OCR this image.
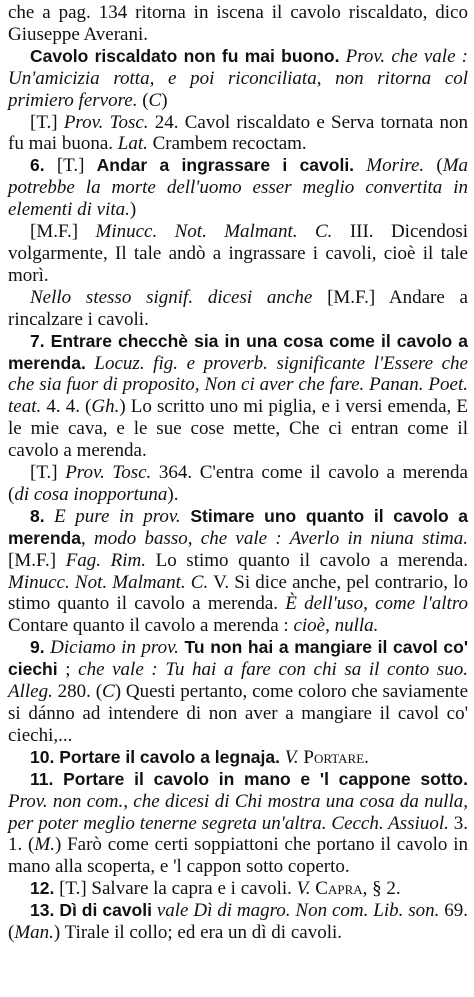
che a pag. 134 ritorna in iscena il cavolo riscaldato, dico Giuseppe Averani.

Cavolo riscaldato non fu mai buono. Prov. che vale : Un'amicizia rotta, e poi riconciliata, non ritorna col primiero fervore. (C)

[T.] Prov. Tosc. 24. Cavol riscaldato e Serva tornata non fu mai buona. Lat. Crambem recoctam.

6. [T.] Andar a ingrassare i cavoli. Morire. (Ma potrebbe la morte dell'uomo esser meglio convertita in elementi di vita.)

[M.F.] Minucc. Not. Malmant. C. III. Dicendosi volgarmente, Il tale andò a ingrassare i cavoli, cioè il tale morì.

Nello stesso signif. dicesi anche [M.F.] Andare a rincalzare i cavoli.

7. Entrare checchè sia in una cosa come il cavolo a merenda. Locuz. fig. e proverb. significante l'Essere che che sia fuor di proposito, Non ci aver che fare. Panan. Poet. teat. 4. 4. (Gh.) Lo scritto uno mi piglia, e i versi emenda, E le mie cava, e le sue cose mette, Che ci entran come il cavolo a merenda.

[T.] Prov. Tosc. 364. C'entra come il cavolo a merenda (di cosa inopportuna).

8. E pure in prov. Stimare uno quanto il cavolo a merenda, modo basso, che vale : Averlo in niuna stima. [M.F.] Fag. Rim. Lo stimo quanto il cavolo a merenda. Minucc. Not. Malmant. C. V. Si dice anche, pel contrario, lo stimo quanto il cavolo a merenda. È dell'uso, come l'altro Contare quanto il cavolo a merenda : cioè, nulla.

9. Diciamo in prov. Tu non hai a mangiare il cavol co' ciechi ; che vale : Tu hai a fare con chi sa il conto suo. Alleg. 280. (C) Questi pertanto, come coloro che saviamente si dánno ad intendere di non aver a mangiare il cavol co' ciechi,...

10. Portare il cavolo a legnaja. V. Portare.

11. Portare il cavolo in mano e 'l cappone sotto. Prov. non com., che dicesi di Chi mostra una cosa da nulla, per poter meglio tenerne segreta un'altra. Cecch. Assiuol. 3. 1. (M.) Farò come certi soppiattoni che portano il cavolo in mano alla scoperta, e 'l cappon sotto coperto.

12. [T.] Salvare la capra e i cavoli. V. Capra, § 2.

13. Dì di cavoli vale Dì di magro. Non com. Lib. son. 69. (Man.) Tirale il collo; ed era un dì di cavoli.
